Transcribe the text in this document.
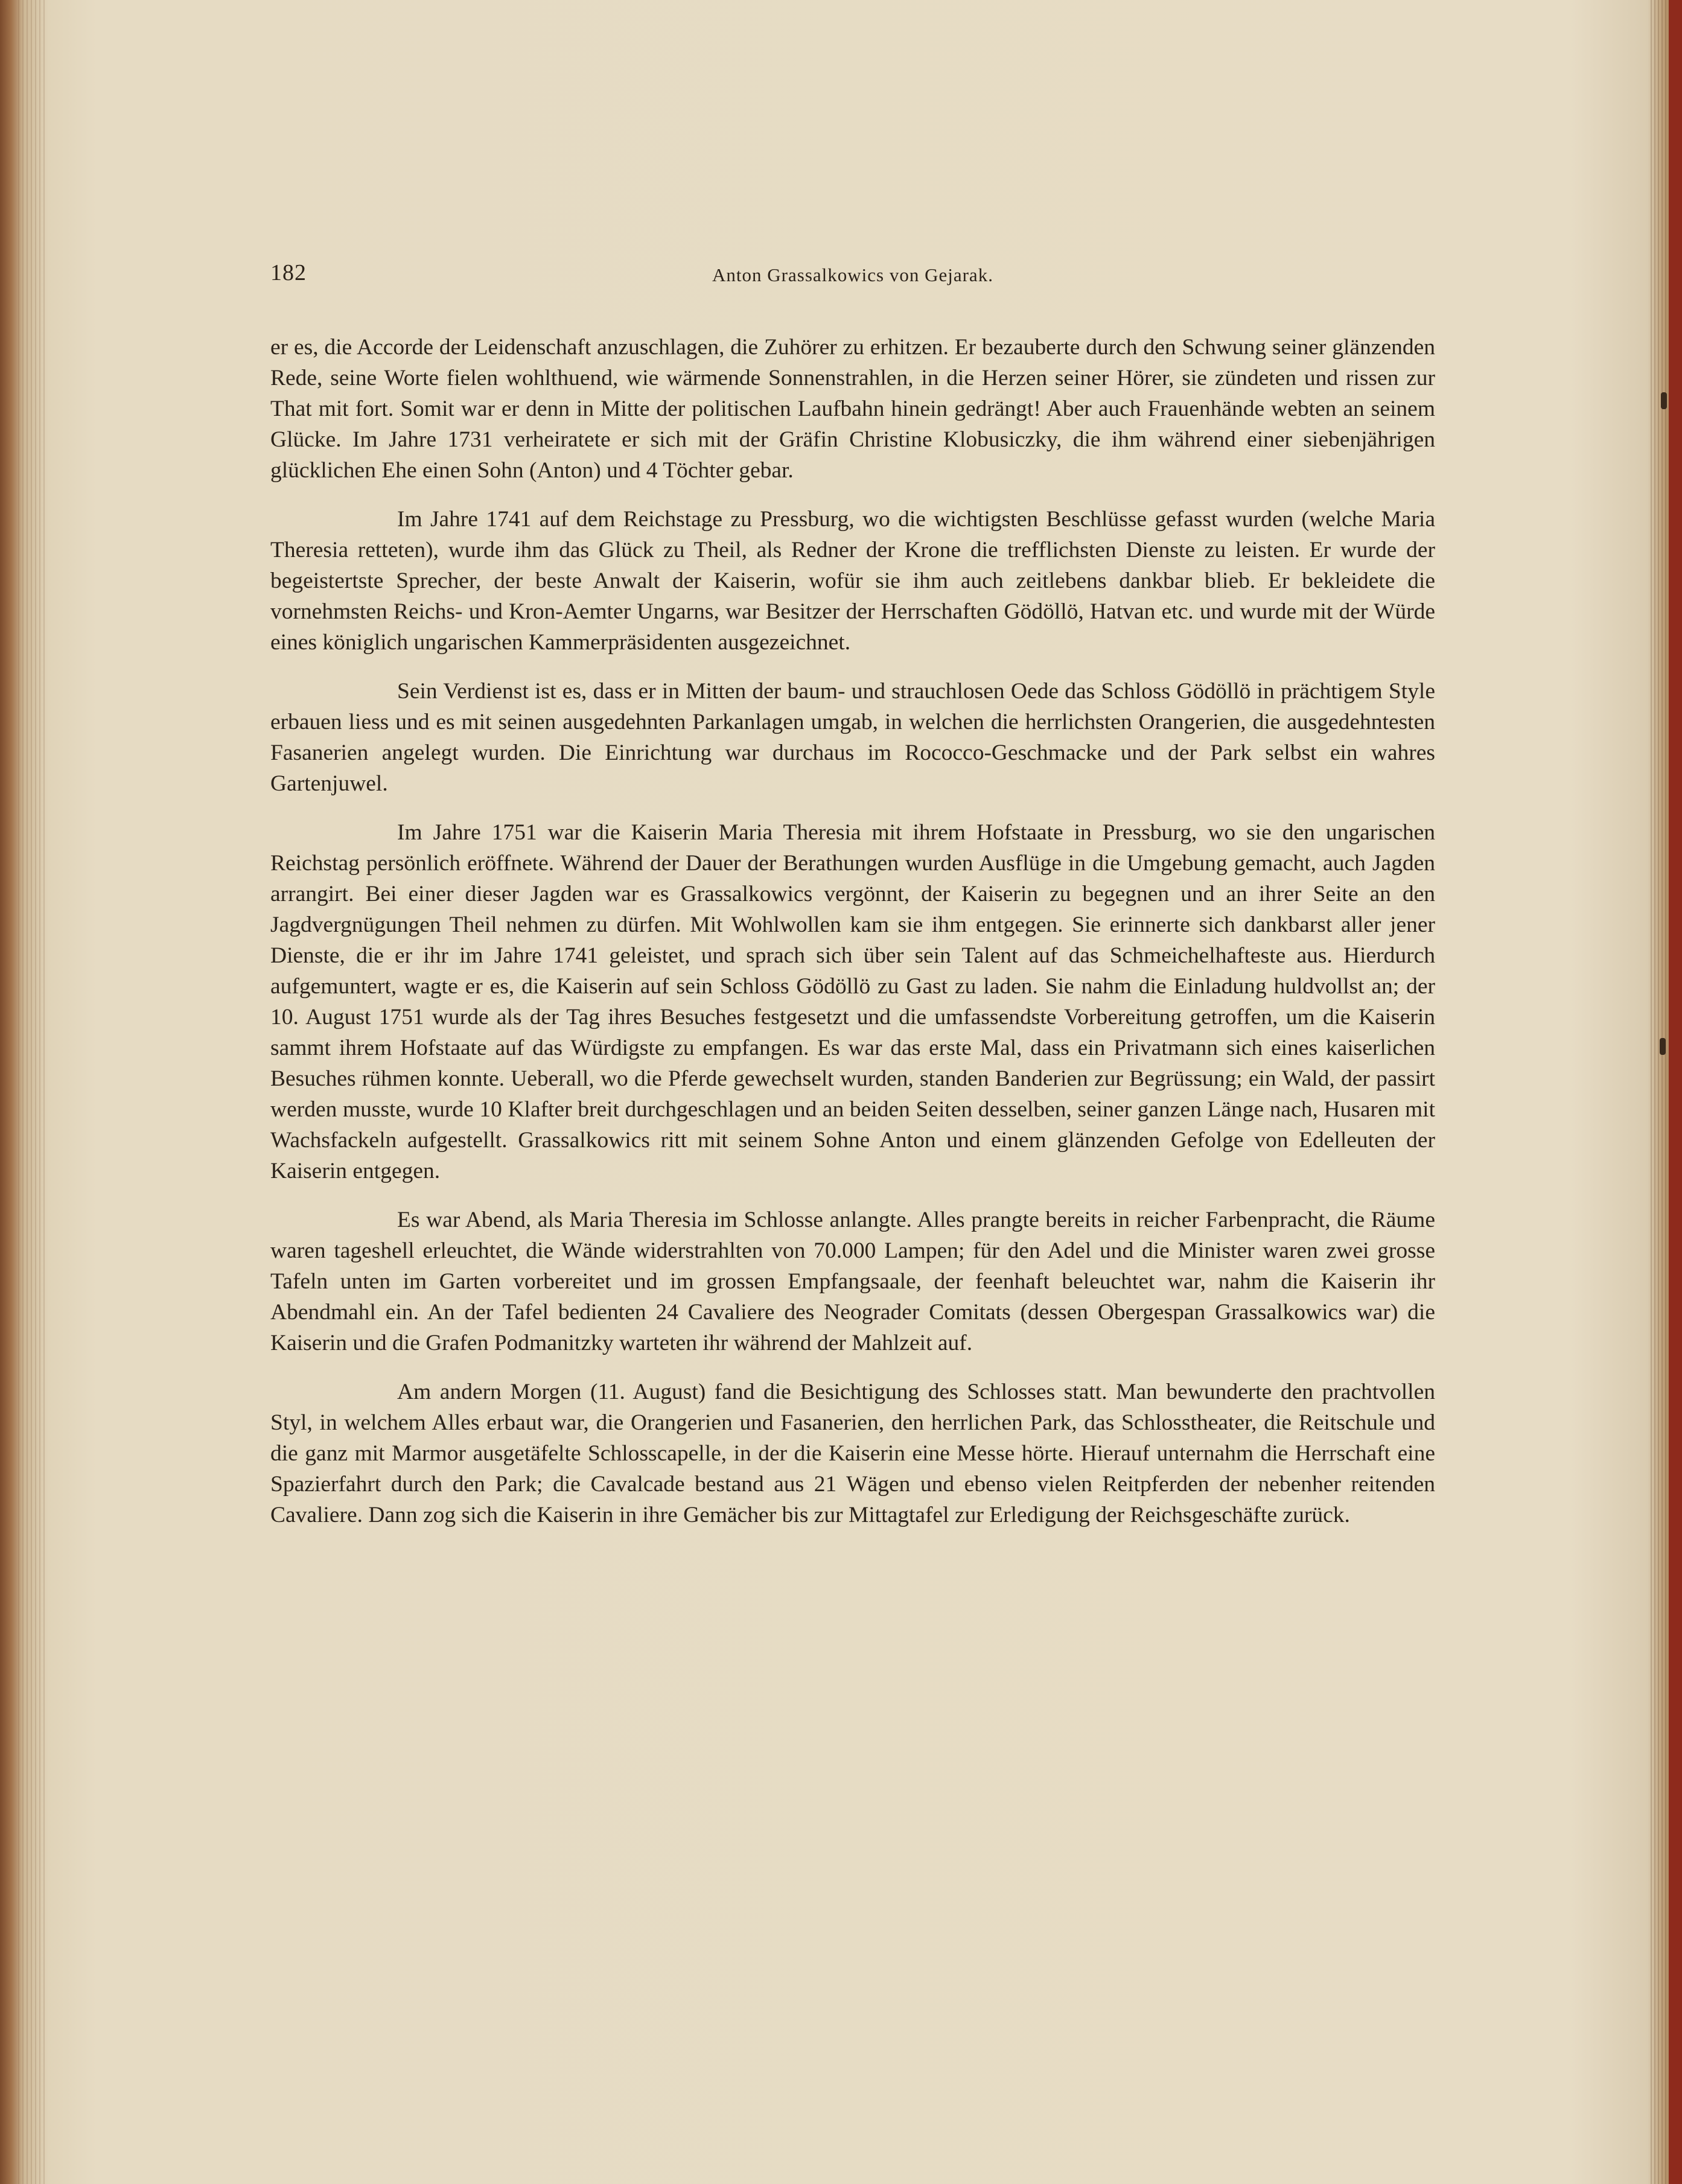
182	Anton Grassalkowics von Gejarak.

er es, die Accorde der Leidenschaft anzuschlagen, die Zuhörer zu erhitzen. Er bezauberte durch den Schwung seiner glänzenden Rede, seine Worte fielen wohlthuend, wie wärmende Sonnenstrahlen, in die Herzen seiner Hörer, sie zündeten und rissen zur That mit fort. Somit war er denn in Mitte der politischen Laufbahn hinein gedrängt! Aber auch Frauenhände webten an seinem Glücke. Im Jahre 1731 verheiratete er sich mit der Gräfin Christine Klobusiczky, die ihm während einer siebenjährigen glücklichen Ehe einen Sohn (Anton) und 4 Töchter gebar.

Im Jahre 1741 auf dem Reichstage zu Pressburg, wo die wichtigsten Beschlüsse gefasst wurden (welche Maria Theresia retteten), wurde ihm das Glück zu Theil, als Redner der Krone die trefflichsten Dienste zu leisten. Er wurde der begeistertste Sprecher, der beste Anwalt der Kaiserin, wofür sie ihm auch zeitlebens dankbar blieb. Er bekleidete die vornehmsten Reichs- und Kron-Aemter Ungarns, war Besitzer der Herrschaften Gödöllö, Hatvan etc. und wurde mit der Würde eines königlich ungarischen Kammerpräsidenten ausgezeichnet.

Sein Verdienst ist es, dass er in Mitten der baum- und strauchlosen Oede das Schloss Gödöllö in prächtigem Style erbauen liess und es mit seinen ausgedehnten Parkanlagen umgab, in welchen die herrlichsten Orangerien, die ausgedehntesten Fasanerien angelegt wurden. Die Einrichtung war durchaus im Rococco-Geschmacke und der Park selbst ein wahres Gartenjuwel.

Im Jahre 1751 war die Kaiserin Maria Theresia mit ihrem Hofstaate in Pressburg, wo sie den ungarischen Reichstag persönlich eröffnete. Während der Dauer der Berathungen wurden Ausflüge in die Umgebung gemacht, auch Jagden arrangirt. Bei einer dieser Jagden war es Grassalkowics vergönnt, der Kaiserin zu begegnen und an ihrer Seite an den Jagdvergnügungen Theil nehmen zu dürfen. Mit Wohlwollen kam sie ihm entgegen. Sie erinnerte sich dankbarst aller jener Dienste, die er ihr im Jahre 1741 geleistet, und sprach sich über sein Talent auf das Schmeichelhafteste aus. Hierdurch aufgemuntert, wagte er es, die Kaiserin auf sein Schloss Gödöllö zu Gast zu laden. Sie nahm die Einladung huldvollst an; der 10. August 1751 wurde als der Tag ihres Besuches festgesetzt und die umfassendste Vorbereitung getroffen, um die Kaiserin sammt ihrem Hofstaate auf das Würdigste zu empfangen. Es war das erste Mal, dass ein Privatmann sich eines kaiserlichen Besuches rühmen konnte. Ueberall, wo die Pferde gewechselt wurden, standen Banderien zur Begrüssung; ein Wald, der passirt werden musste, wurde 10 Klafter breit durchgeschlagen und an beiden Seiten desselben, seiner ganzen Länge nach, Husaren mit Wachsfackeln aufgestellt. Grassalkowics ritt mit seinem Sohne Anton und einem glänzenden Gefolge von Edelleuten der Kaiserin entgegen.

Es war Abend, als Maria Theresia im Schlosse anlangte. Alles prangte bereits in reicher Farbenpracht, die Räume waren tageshell erleuchtet, die Wände widerstrahlten von 70.000 Lampen; für den Adel und die Minister waren zwei grosse Tafeln unten im Garten vorbereitet und im grossen Empfangsaale, der feenhaft beleuchtet war, nahm die Kaiserin ihr Abendmahl ein. An der Tafel bedienten 24 Cavaliere des Neograder Comitats (dessen Obergespan Grassalkowics war) die Kaiserin und die Grafen Podmanitzky warteten ihr während der Mahlzeit auf.

Am andern Morgen (11. August) fand die Besichtigung des Schlosses statt. Man bewunderte den prachtvollen Styl, in welchem Alles erbaut war, die Orangerien und Fasanerien, den herrlichen Park, das Schlosstheater, die Reitschule und die ganz mit Marmor ausgetäfelte Schlosscapelle, in der die Kaiserin eine Messe hörte. Hierauf unternahm die Herrschaft eine Spazierfahrt durch den Park; die Cavalcade bestand aus 21 Wägen und ebenso vielen Reitpferden der nebenher reitenden Cavaliere. Dann zog sich die Kaiserin in ihre Gemächer bis zur Mittagtafel zur Erledigung der Reichsgeschäfte zurück.
